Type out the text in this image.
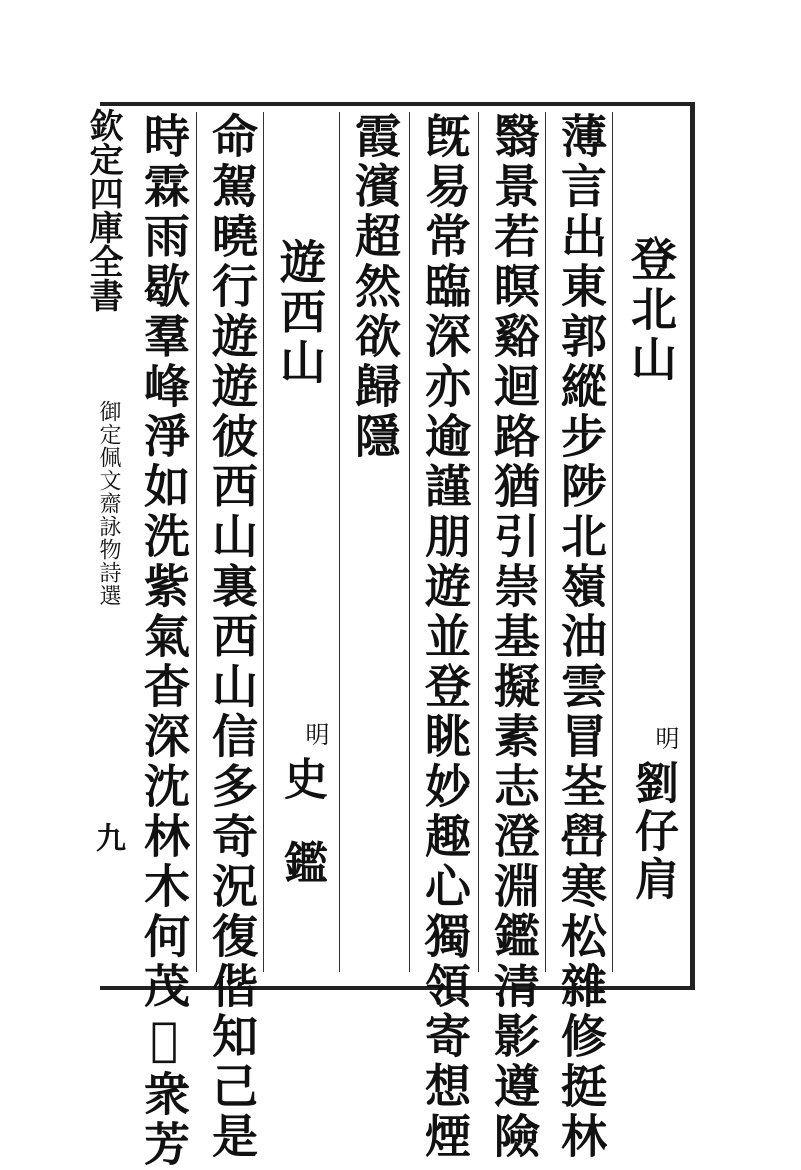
欽定四庫全書
御定佩文齋詠物詩選
九
登北山
明
劉仔肩
薄言出東郭縱步陟北嶺油雲冒峑嶨寒松雜修挺林
翳景若瞑谿迴路猶引崇基擬素志澄淵鑑清影遵險
旣易常臨深亦逾謹朋遊並登眺妙趣心獨領寄想煙
霞濱超然欲歸隱
遊西山
明
史鑑
命駕曉行遊遊彼西山裏西山信多奇況復偕知己是
時霖雨歇羣峰淨如洗紫氣杳深沈林木何茂𢾾衆芳
